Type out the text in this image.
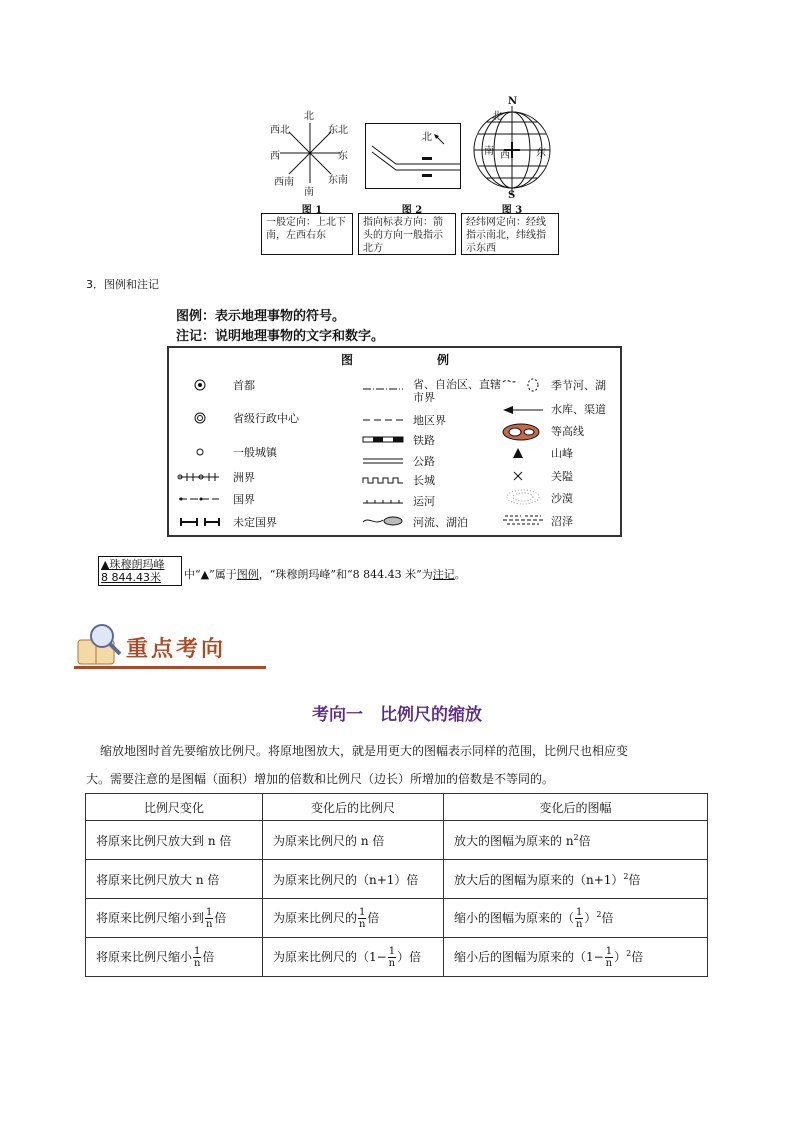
北
南
东
西
东北
西北
东南
西南
图 1
北
图 2
N
S
北
南 西	东
图 3
一般定向：上北下南，左西右东
指向标表方向：箭头的方向一般指示北方
经纬网定向：经线指示南北，纬线指示东西
3．图例和注记
图例：表示地理事物的符号。
注记：说明地理事物的文字和数字。
图	例
首都
省级行政中心
一般城镇
洲界
国界
未定国界
省、自治区、直辖市界
地区界
铁路
公路
长城
运河
河流、湖泊
季节河、湖
水库、渠道
等高线
山峰
关隘
沙漠
沼泽
▲珠穆朗玛峰
8 844.43米	中“▲”属于图例，“珠穆朗玛峰”和“8 844.43 米”为注记。
重点考向
考向一　比例尺的缩放
缩放地图时首先要缩放比例尺。将原地图放大，就是用更大的图幅表示同样的范围，比例尺也相应变
大。需要注意的是图幅（面积）增加的倍数和比例尺（边长）所增加的倍数是不等同的。
比例尺变化	变化后的比例尺	变化后的图幅
将原来比例尺放大到 n 倍	为原来比例尺的 n 倍	放大的图幅为原来的 $n^2$倍
将原来比例尺放大 n 倍	为原来比例尺的（n+1）倍	放大后的图幅为原来的$(n+1)^2$倍
将原来比例尺缩小到 $\frac{1}{n}$ 倍	为原来比例尺的 $\frac{1}{n}$ 倍	缩小的图幅为原来的（ $\frac{1}{n} )^2$倍
将原来比例尺缩小 $\frac{1}{n}$ 倍	为原来比例尺的（$1- \frac{1}{n}$ ）倍	缩小后的图幅为原来的$(1- \frac{1}{n} )^2$倍
